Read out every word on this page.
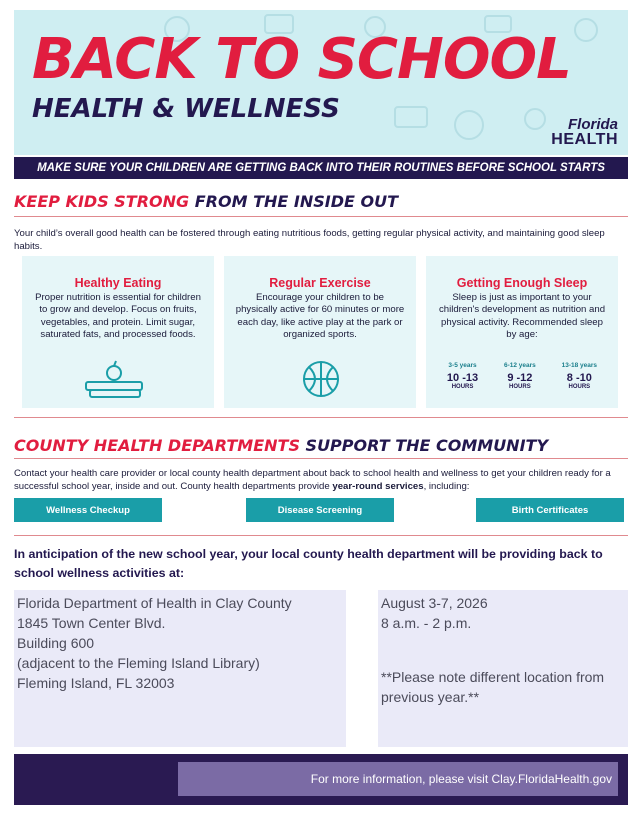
BACK TO SCHOOL
HEALTH & WELLNESS
Florida
HEALTH
MAKE SURE YOUR CHILDREN ARE GETTING BACK INTO THEIR ROUTINES BEFORE SCHOOL STARTS
KEEP KIDS STRONG FROM THE INSIDE OUT
Your child’s overall good health can be fostered through eating nutritious foods, getting regular physical activity, and maintaining good sleep habits.
Healthy Eating
Proper nutrition is essential for children to grow and develop. Focus on fruits, vegetables, and protein. Limit sugar, saturated fats, and processed foods.
Regular Exercise
Encourage your children to be physically active for 60 minutes or more each day, like active play at the park or organized sports.
Getting Enough Sleep
Sleep is just as important to your children's development as nutrition and physical activity. Recommended sleep by age:
3-5 years
10 -13
HOURS
6-12 years
9 -12
HOURS
13-18 years
8 -10
HOURS
COUNTY HEALTH DEPARTMENTS SUPPORT THE COMMUNITY
Contact your health care provider or local county health department about back to school health and wellness to get your children ready for a successful school year, inside and out. County health departments provide year-round services, including:
Wellness Checkup	Disease Screening	Birth Certificates
In anticipation of the new school year, your local county health department will be providing back to school wellness activities at:
Florida Department of Health in Clay County
1845 Town Center Blvd.
Building 600
(adjacent to the Fleming Island Library)
Fleming Island, FL 32003
August 3-7, 2026
8 a.m. - 2 p.m.
**Please note different location from previous year.**
For more information, please visit Clay.FloridaHealth.gov
